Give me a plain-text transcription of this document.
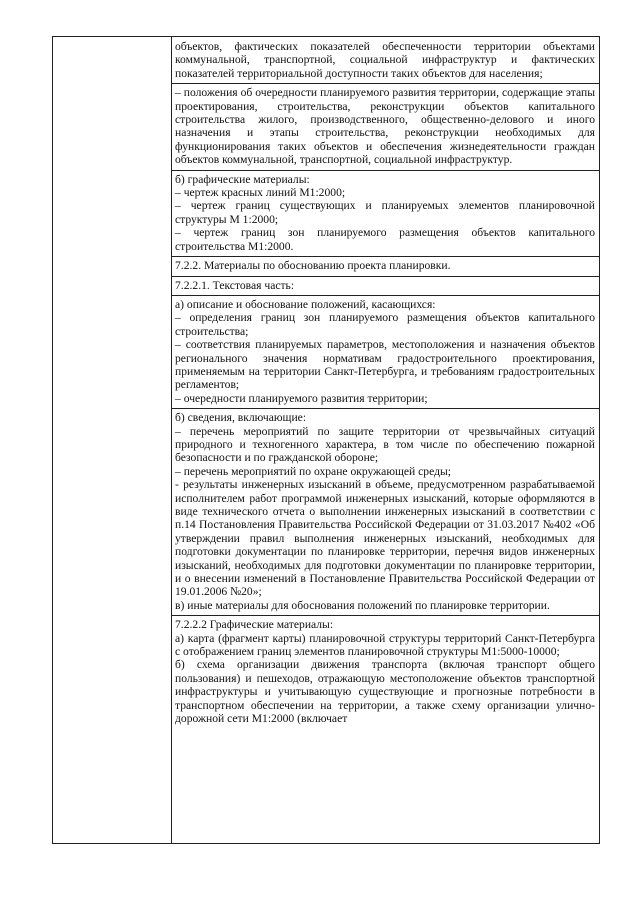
объектов, фактических показателей обеспеченности территории объектами коммунальной, транспортной, социальной инфраструктур и фактических показателей территориальной доступности таких объектов для населения;

– положения об очередности планируемого развития территории, содержащие этапы проектирования, строительства, реконструкции объектов капитального строительства жилого, производственного, общественно-делового и иного назначения и этапы строительства, реконструкции необходимых для функционирования таких объектов и обеспечения жизнедеятельности граждан объектов коммунальной, транспортной, социальной инфраструктур.

б) графические материалы:

– чертеж красных линий М1:2000;

– чертеж границ существующих и планируемых элементов планировочной структуры М 1:2000;

– чертеж границ зон планируемого размещения объектов капитального строительства М1:2000.

7.2.2. Материалы по обоснованию проекта планировки.

7.2.2.1. Текстовая часть:

а) описание и обоснование положений, касающихся:

– определения границ зон планируемого размещения объектов капитального строительства;

– соответствия планируемых параметров, местоположения и назначения объектов регионального значения нормативам градостроительного проектирования, применяемым на территории Санкт-Петербурга, и требованиям градостроительных регламентов;

– очередности планируемого развития территории;

б) сведения, включающие:

– перечень мероприятий по защите территории от чрезвычайных ситуаций природного и техногенного характера, в том числе по обеспечению пожарной безопасности и по гражданской обороне;

– перечень мероприятий по охране окружающей среды;

- результаты инженерных изысканий в объеме, предусмотренном разрабатываемой исполнителем работ программой инженерных изысканий, которые оформляются в виде технического отчета о выполнении инженерных изысканий в соответствии с п.14 Постановления Правительства Российской Федерации от 31.03.2017 №402 «Об утверждении правил выполнения инженерных изысканий, необходимых для подготовки документации по планировке территории, перечня видов инженерных изысканий, необходимых для подготовки документации по планировке территории, и о внесении изменений в Постановление Правительства Российской Федерации от 19.01.2006 №20»;

в) иные материалы для обоснования положений по планировке территории.

7.2.2.2 Графические материалы:

а) карта (фрагмент карты) планировочной структуры территорий Санкт-Петербурга с отображением границ элементов планировочной структуры М1:5000-10000;

б) схема организации движения транспорта (включая транспорт общего пользования) и пешеходов, отражающую местоположение объектов транспортной инфраструктуры и учитывающую существующие и прогнозные потребности в транспортном обеспечении на территории, а также схему организации улично-дорожной сети М1:2000 (включает
